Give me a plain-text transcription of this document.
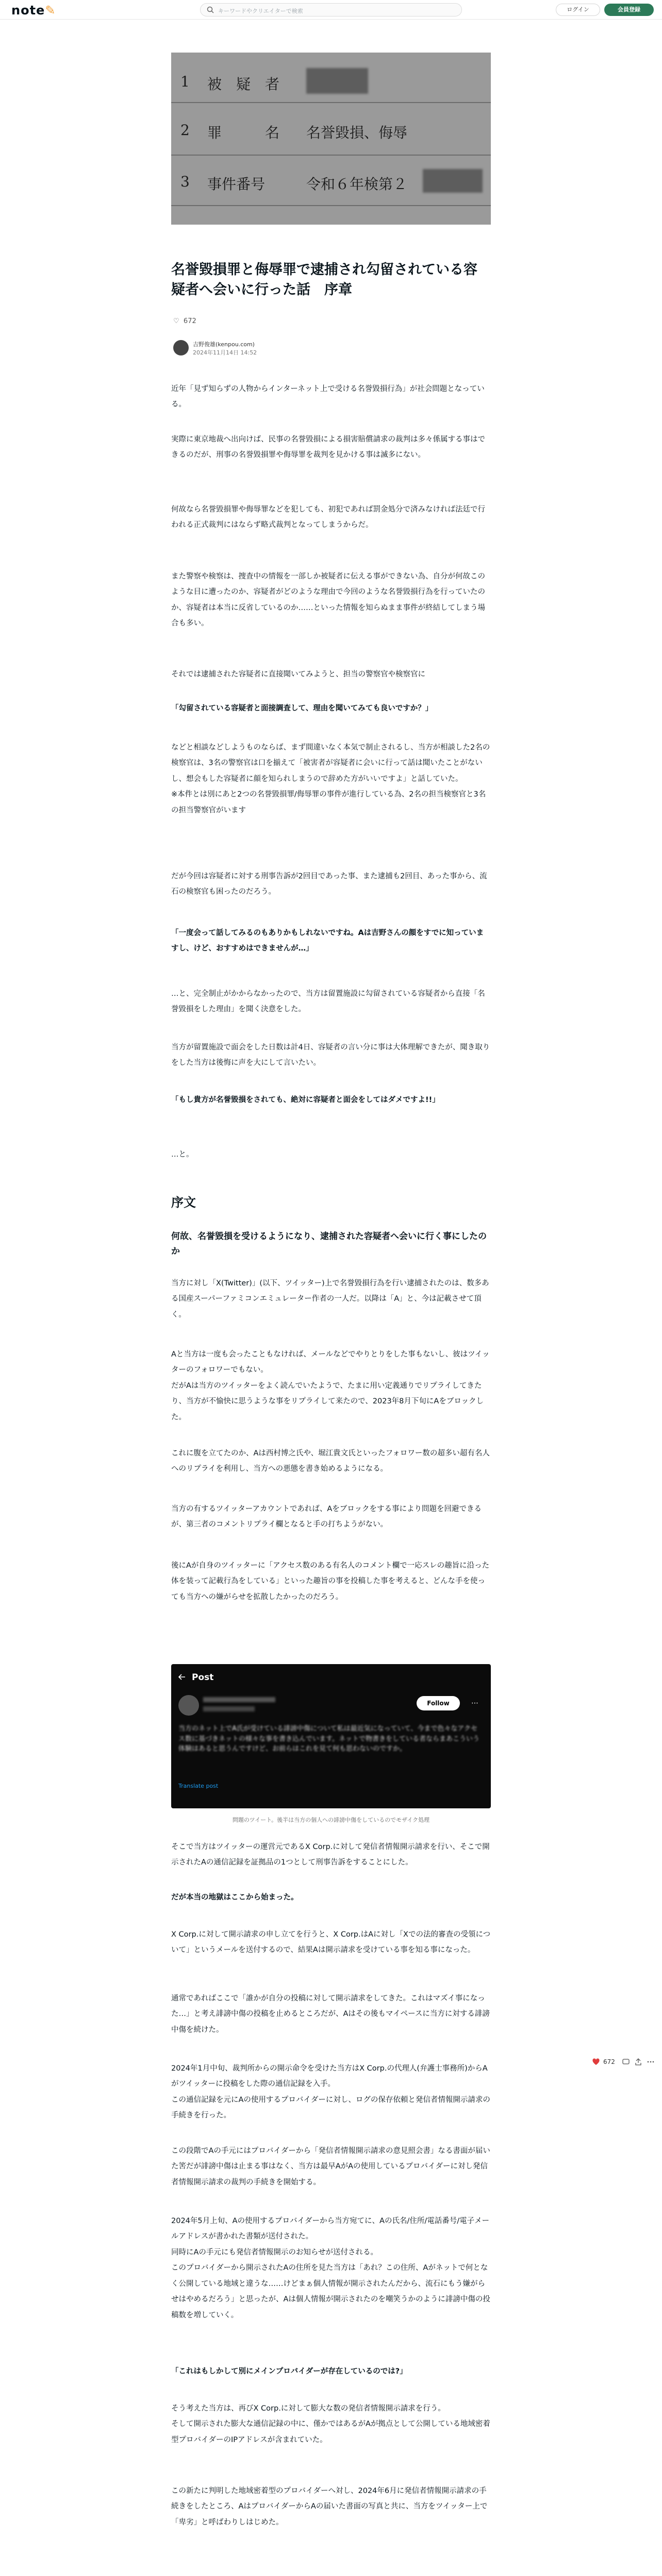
note✎	キーワードやクリエイターで検索	ログイン	会員登録
1 被　疑　者
2 罪　　　名 名誉毀損、侮辱
3 事件番号	令和６年検第２
名誉毀損罪と侮辱罪で逮捕され勾留されている容疑者へ会いに行った話　序章
♡ 672
吉野俊雄(kenpou.com)
2024年11月14日 14:52
近年「見ず知らずの人物からインターネット上で受ける名誉毀損行為」が社会問題となっている。
実際に東京地裁へ出向けば、民事の名誉毀損による損害賠償請求の裁判は多々係属する事はできるのだが、刑事の名誉毀損罪や侮辱罪を裁判を見かける事は滅多にない。
何故なら名誉毀損罪や侮辱罪などを犯しても、初犯であれば罰金処分で済みなければ法廷で行われる正式裁判にはならず略式裁判となってしまうからだ。
また警察や検察は、捜査中の情報を一部しか被疑者に伝える事ができない為、自分が何故このような目に遭ったのか、容疑者がどのような理由で今回のような名誉毀損行為を行っていたのか、容疑者は本当に反省しているのか……といった情報を知らぬまま事件が終結してしまう場合も多い。
それでは逮捕された容疑者に直接聞いてみようと、担当の警察官や検察官に
「勾留されている容疑者と面接調査して、理由を聞いてみても良いですか？」
などと相談などしようものならば、まず間違いなく本気で制止されるし、当方が相談した2名の検察官は、3名の警察官は口を揃えて「被害者が容疑者に会いに行って話は聞いたことがないし、想会もした容疑者に顔を知られしまうので辞めた方がいいですよ」と話していた。
※本件とは別にあと2つの名誉毀損罪/侮辱罪の事件が進行している為、2名の担当検察官と3名の担当警察官がいます
だが今回は容疑者に対する刑事告訴が2回目であった事、また逮捕も2回目、あった事から、流石の検察官も困ったのだろう。
「一度会って話してみるのもありかもしれないですね。Aは吉野さんの顔をすでに知っていますし、けど、おすすめはできませんが…」
…と、完全制止がかからなかったので、当方は留置施設に勾留されている容疑者から直接「名誉毀損をした理由」を聞く決意をした。
当方が留置施設で面会をした日数は計4日、容疑者の言い分に事は大体理解できたが、聞き取りをした当方は後悔に声を大にして言いたい。
「もし貴方が名誉毀損をされても、絶対に容疑者と面会をしてはダメですよ!!」
…と。
序文
何故、名誉毀損を受けるようになり、逮捕された容疑者へ会いに行く事にしたのか
当方に対し「X(Twitter)」(以下、ツイッター)上で名誉毀損行為を行い逮捕されたのは、数多ある国産スーパーファミコンエミュレーター作者の一人だ。以降は「A」と、今は記載させて頂く。
Aと当方は一度も会ったこともなければ、メールなどでやりとりをした事もないし、彼はツイッターのフォロワーでもない。
だがAは当方のツイッターをよく読んでいたようで、たまに用い定義通りでリプライしてきたり、当方が不愉快に思うような事をリプライして来たので、2023年8月下旬にAをブロックした。
これに腹を立てたのか、Aは西村博之氏や、堀江貴文氏といったフォロワー数の超多い超有名人へのリプライを利用し、当方への悪態を書き始めるようになる。
当方の有するツイッターアカウントであれば、Aをブロックをする事により問題を回避できるが、第三者のコメントリプライ欄となると手の打ちようがない。
後にAが自身のツイッターに「アクセス数のある有名人のコメント欄で一応スレの趣旨に沿った体を装って記載行為をしている」といった趣旨の事を投稿した事を考えると、どんな手を使っても当方への嫌がらせを拡散したかったのだろう。
Post
Follow	⋯
当方のネット上でA氏が受けている誹謗中傷について私は最近気になっていて、今まで色々なアクセス数に基づきネットの様々な事を書き込んでいます。ネットで物書きをしている者ならまあこういう体験はあると思うんですけど、お前らはこれを見て何も思わないのですか。
Translate post
問題のツイート。後半は当方の個人への誹謗中傷をしているのでモザイク処理
そこで当方はツイッターの運営元であるX Corp.に対して発信者情報開示請求を行い、そこで開示されたAの通信記録を証拠品の1つとして刑事告訴をすることにした。
だが本当の地獄はここから始まった。
X Corp.に対して開示請求の申し立てを行うと、X Corp.はAに対し「Xでの法的審査の受領について」というメールを送付するので、結果Aは開示請求を受けている事を知る事になった。
通常であればここで「誰かが自分の投稿に対して開示請求をしてきた。これはマズイ事になった…」と考え誹謗中傷の投稿を止めるところだが、Aはその後もマイペースに当方に対する誹謗中傷を続けた。
2024年1月中旬、裁判所からの開示命令を受けた当方はX Corp.の代理人(弁護士事務所)からAがツイッターに投稿をした際の通信記録を入手。
この通信記録を元にAの使用するプロバイダーに対し、ログの保存依頼と発信者情報開示請求の手続きを行った。
この段階でAの手元にはプロバイダーから「発信者情報開示請求の意見照会書」なる書面が届いた筈だが誹謗中傷は止まる事はなく、当方は最早AがAの使用しているプロバイダーに対し発信者情報開示請求の裁判の手続きを開始する。
2024年5月上旬、Aの使用するプロバイダーから当方宛てに、Aの氏名/住所/電話番号/電子メールアドレスが書かれた書類が送付された。
同時にAの手元にも発信者情報開示のお知らせが送付される。
このプロバイダーから開示されたAの住所を見た当方は「あれ？この住所、Aがネットで何となく公開している地域と違うな……けどまぁ個人情報が開示されたんだから、流石にもう嫌がらせはやめるだろう」と思ったが、Aは個人情報が開示されたのを嘲笑うかのように誹謗中傷の投稿数を増していく。
「これはもしかして別にメインプロバイダーが存在しているのでは?」
そう考えた当方は、再びX Corp.に対して膨大な数の発信者情報開示請求を行う。
そして開示された膨大な通信記録の中に、僅かではあるがAが拠点として公開している地域密着型プロバイダーのIPアドレスが含まれていた。
この新たに判明した地域密着型のプロバイダーへ対し、2024年6月に発信者情報開示請求の手続きをしたところ、AはプロバイダーからAの届いた書面の写真と共に、当方をツイッター上で「卑劣」と呼ばわりしはじめた。
672
